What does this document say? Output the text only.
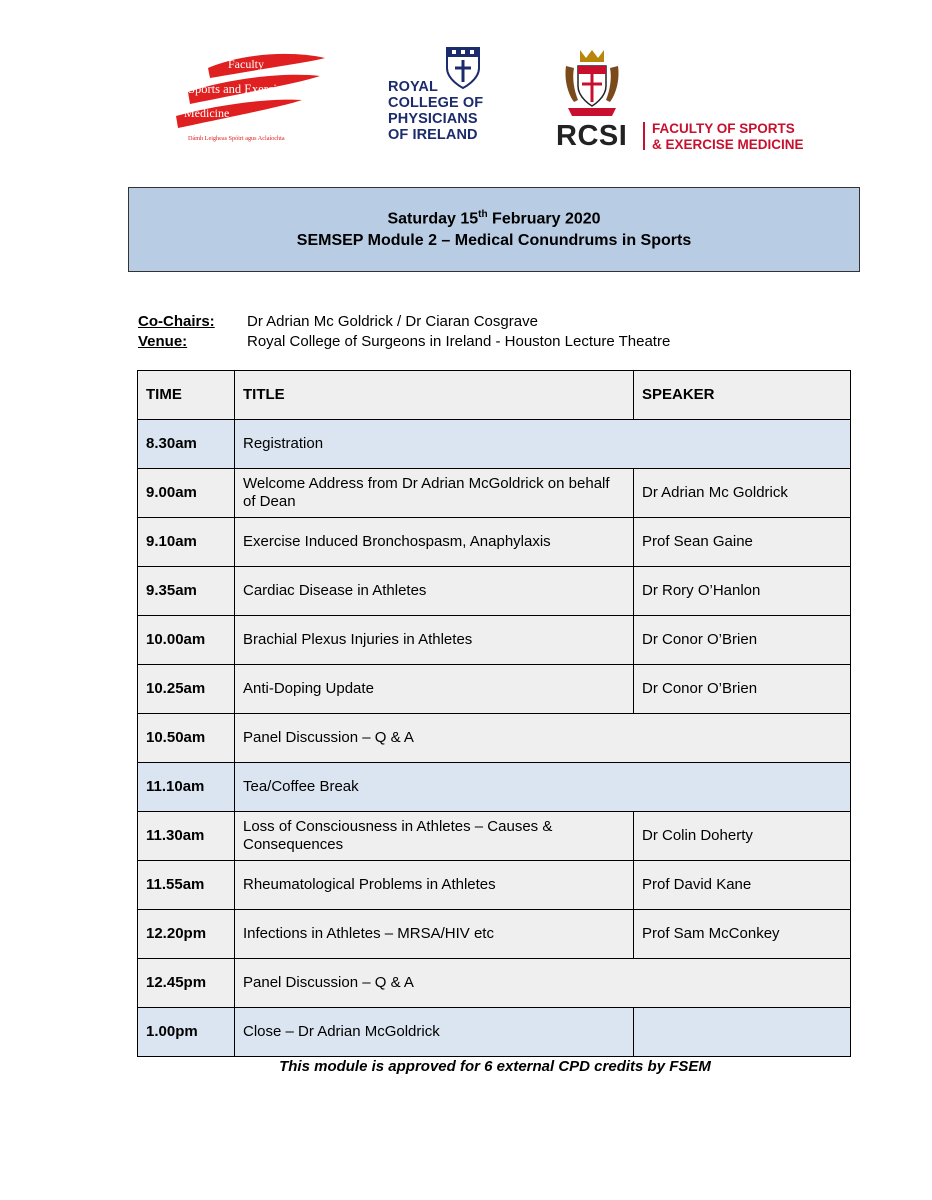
Faculty
Sports and Exercise
Medicine
Dámh Leigheas Spóirt agus Aclaíochta
ROYAL
COLLEGE OF
PHYSICIANS
OF IRELAND	RCSI FACULTY OF SPORTS
& EXERCISE MEDICINE
Saturday 15th February 2020
SEMSEP Module 2 – Medical Conundrums in Sports
Co-Chairs: Dr Adrian Mc Goldrick / Dr Ciaran Cosgrave
Venue:	Royal College of Surgeons in Ireland - Houston Lecture Theatre
TIME	TITLE	SPEAKER
8.30am	Registration	
9.00am	Welcome Address from Dr Adrian McGoldrick on behalf of Dean	Dr Adrian Mc Goldrick
9.10am	Exercise Induced Bronchospasm, Anaphylaxis	Prof Sean Gaine
9.35am	Cardiac Disease in Athletes	Dr Rory O’Hanlon
10.00am	Brachial Plexus Injuries in Athletes	Dr Conor O’Brien
10.25am	Anti-Doping Update	Dr Conor O’Brien
10.50am	Panel Discussion – Q & A	
11.10am	Tea/Coffee Break	
11.30am	Loss of Consciousness in Athletes – Causes & Consequences	Dr Colin Doherty
11.55am	Rheumatological Problems in Athletes	Prof David Kane
12.20pm	Infections in Athletes – MRSA/HIV etc	Prof Sam McConkey
12.45pm	Panel Discussion – Q & A	
1.00pm	Close – Dr Adrian McGoldrick	
This module is approved for 6 external CPD credits by FSEM
